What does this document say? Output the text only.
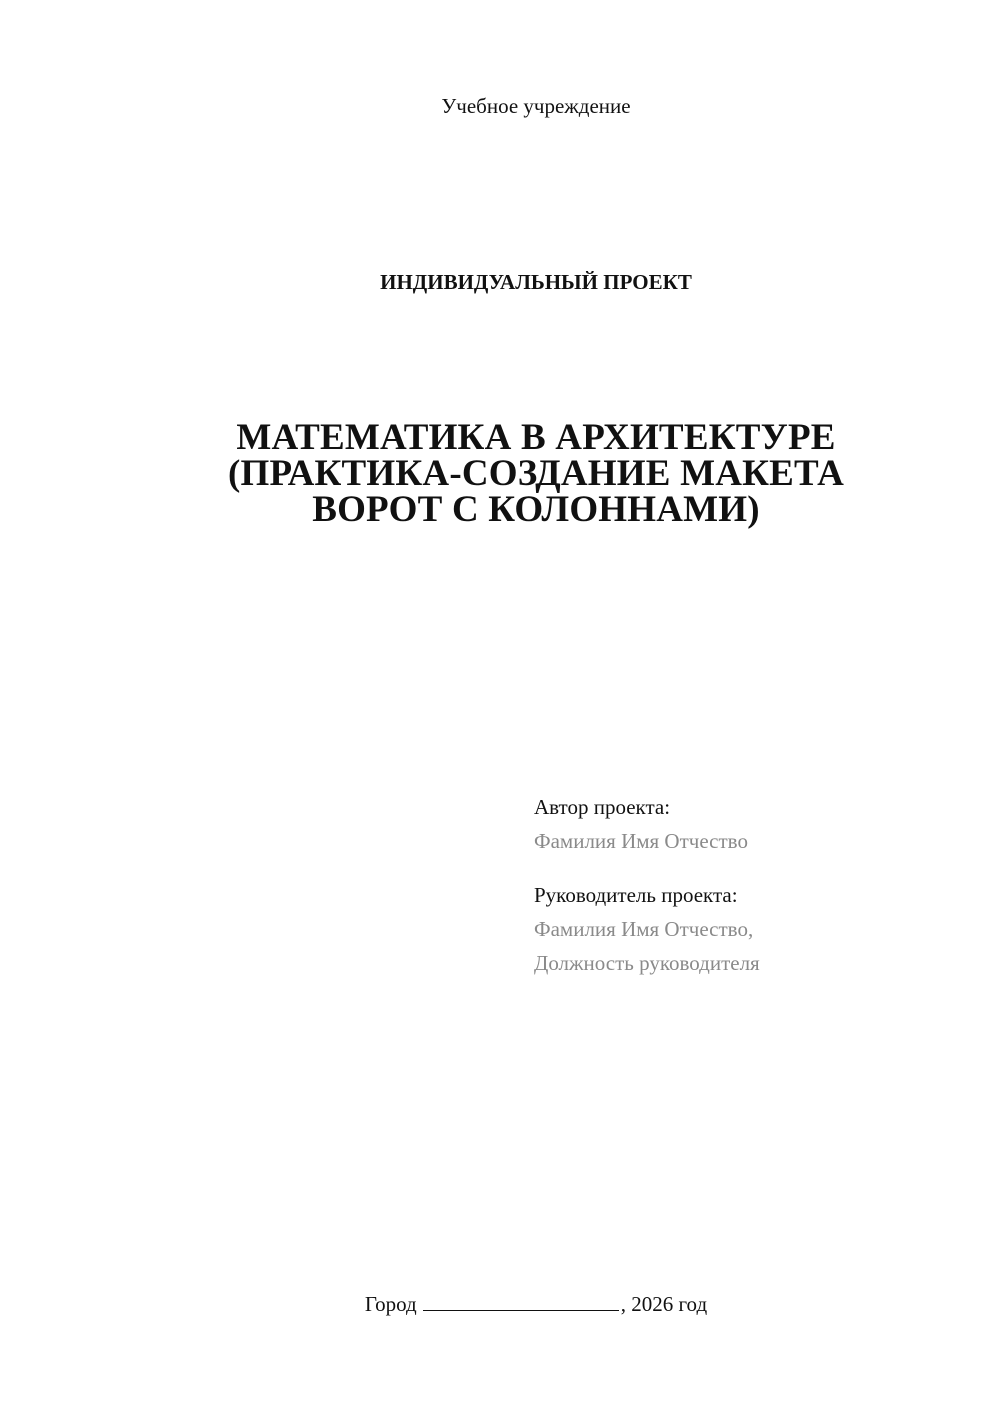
Учебное учреждение
ИНДИВИДУАЛЬНЫЙ ПРОЕКТ
МАТЕМАТИКА В АРХИТЕКТУРЕ
(ПРАКТИКА-СОЗДАНИЕ МАКЕТА
ВОРОТ С КОЛОННАМИ)
Автор проекта:
Фамилия Имя Отчество
Руководитель проекта:
Фамилия Имя Отчество,
Должность руководителя
Город	, 2026 год
